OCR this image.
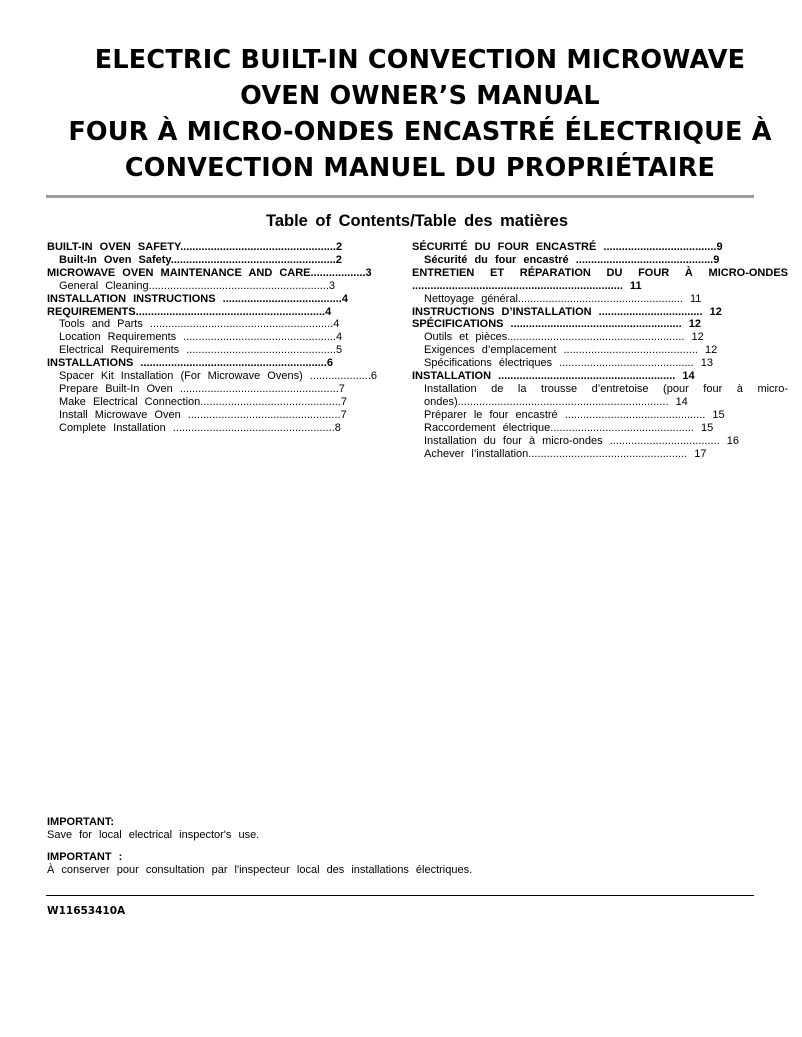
ELECTRIC BUILT-IN CONVECTION MICROWAVE
OVEN OWNER’S MANUAL
FOUR À MICRO-ONDES ENCASTRÉ ÉLECTRIQUE À
CONVECTION MANUEL DU PROPRIÉTAIRE
Table of Contents/Table des matières
BUILT-IN OVEN SAFETY...................................................2
Built-In Oven Safety......................................................2
MICROWAVE OVEN MAINTENANCE AND CARE..................3
General Cleaning...........................................................3
INSTALLATION INSTRUCTIONS .......................................4
REQUIREMENTS..............................................................4
Tools and Parts ............................................................4
Location Requirements ..................................................4
Electrical Requirements .................................................5
INSTALLATIONS .............................................................6
Spacer Kit Installation (For Microwave Ovens) ....................6
Prepare Built-In Oven ....................................................7
Make Electrical Connection..............................................7
Install Microwave Oven ..................................................7
Complete Installation .....................................................8
SÉCURITÉ DU FOUR ENCASTRÉ .....................................9
Sécurité du four encastré .............................................9
ENTRETIEN ET RÉPARATION DU FOUR À MICRO-ONDES ..................................................................... 11
Nettoyage général...................................................... 11
INSTRUCTIONS D’INSTALLATION .................................. 12
SPÉCIFICATIONS ........................................................ 12
Outils et pièces.......................................................... 12
Exigences d’emplacement ............................................ 12
Spécifications électriques ............................................ 13
INSTALLATION .......................................................... 14
Installation de la trousse d’entretoise (pour four à micro-ondes)..................................................................... 14
Préparer le four encastré .............................................. 15
Raccordement électrique............................................... 15
Installation du four à micro-ondes .................................... 16
Achever l’installation.................................................... 17
IMPORTANT:
Save for local electrical inspector's use.
IMPORTANT :
À conserver pour consultation par l'inspecteur local des installations électriques.
W11653410A
